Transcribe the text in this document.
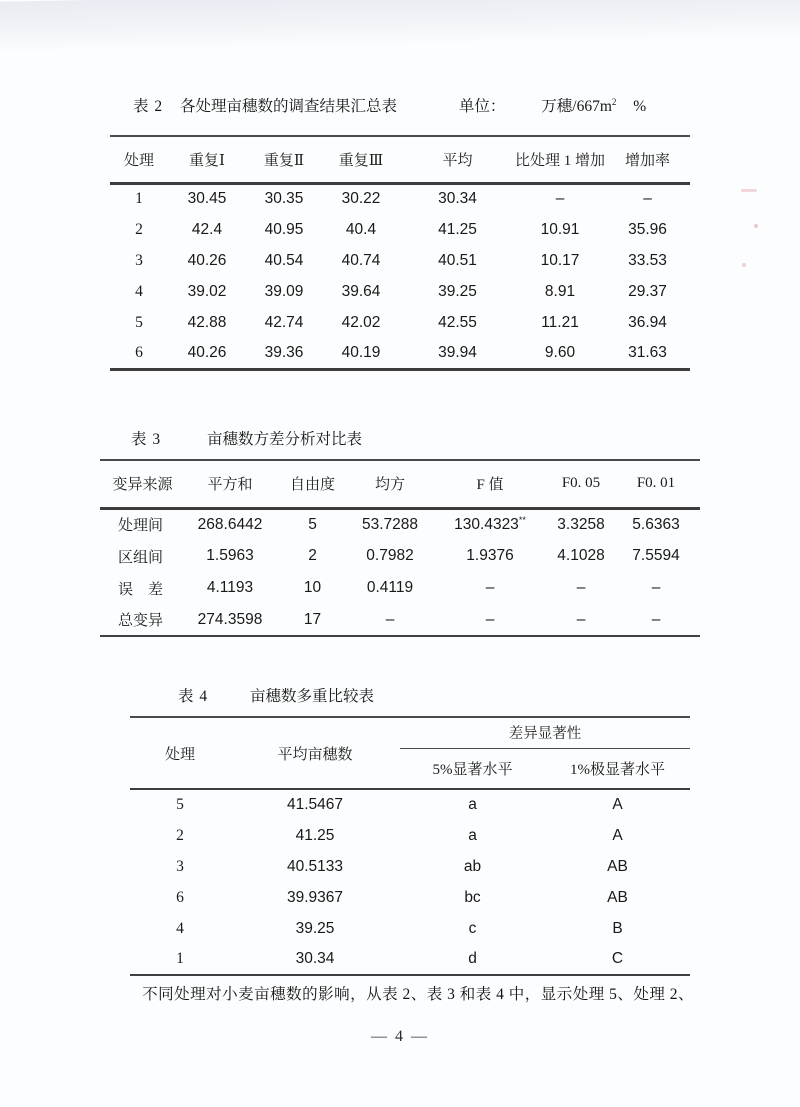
表 2 各处理亩穗数的调查结果汇总表	单位： 万穗$/667m^2$ %
处理	重复Ⅰ	重复Ⅱ	重复Ⅲ	平均	比处理 1 增加	增加率
1	30.45	30.35	30.22	30.34	–	–
2	42.4	40.95	40.4	41.25	10.91	35.96
3	40.26	40.54	40.74	40.51	10.17	33.53
4	39.02	39.09	39.64	39.25	8.91	29.37
5	42.88	42.74	42.02	42.55	11.21	36.94
6	40.26	39.36	40.19	39.94	9.60	31.63
表 3	亩穗数方差分析对比表
变异来源	平方和	自由度	均方	F 值	F0. 05	F0. 01
处理间	268.6442	5	53.7288	130.4323**	3.3258	5.6363
区组间	1.5963	2	0.7982	1.9376	4.1028	7.5594
误　差	4.1193	10	0.4119	–	–	–
总变异	274.3598	17	–	–	–	–
表 4	亩穗数多重比较表
处理	平均亩穗数	差异显著性	
		5%显著水平	1%极显著水平
5	41.5467	a	A
2	41.25	a	A
3	40.5133	ab	AB
6	39.9367	bc	AB
4	39.25	c	B
1	30.34	d	C

不同处理对小麦亩穗数的影响，从表 2、表 3 和表 4 中，显示处理 5、处理 2、

— 4 —
